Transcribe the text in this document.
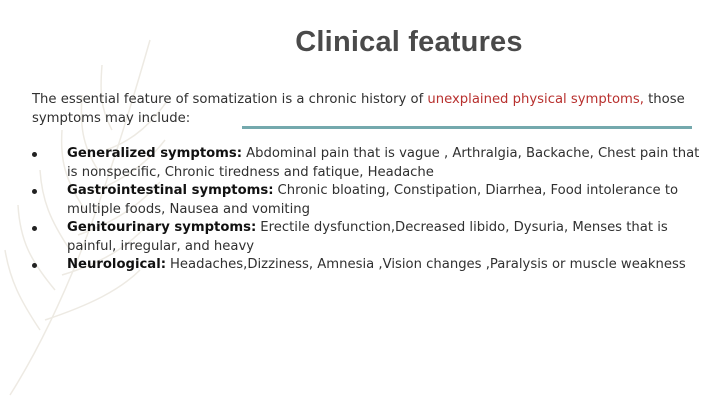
Clinical features
The essential feature of somatization is a chronic history of unexplained physical symptoms, those symptoms may include:
Generalized symptoms: Abdominal pain that is vague , Arthralgia, Backache, Chest pain that is nonspecific, Chronic tiredness and fatique, Headache
Gastrointestinal symptoms: Chronic bloating, Constipation, Diarrhea, Food intolerance to multiple foods, Nausea and vomiting
Genitourinary symptoms: Erectile dysfunction,Decreased libido, Dysuria, Menses that is painful, irregular, and heavy
Neurological: Headaches,Dizziness, Amnesia ,Vision changes ,Paralysis or muscle weakness
